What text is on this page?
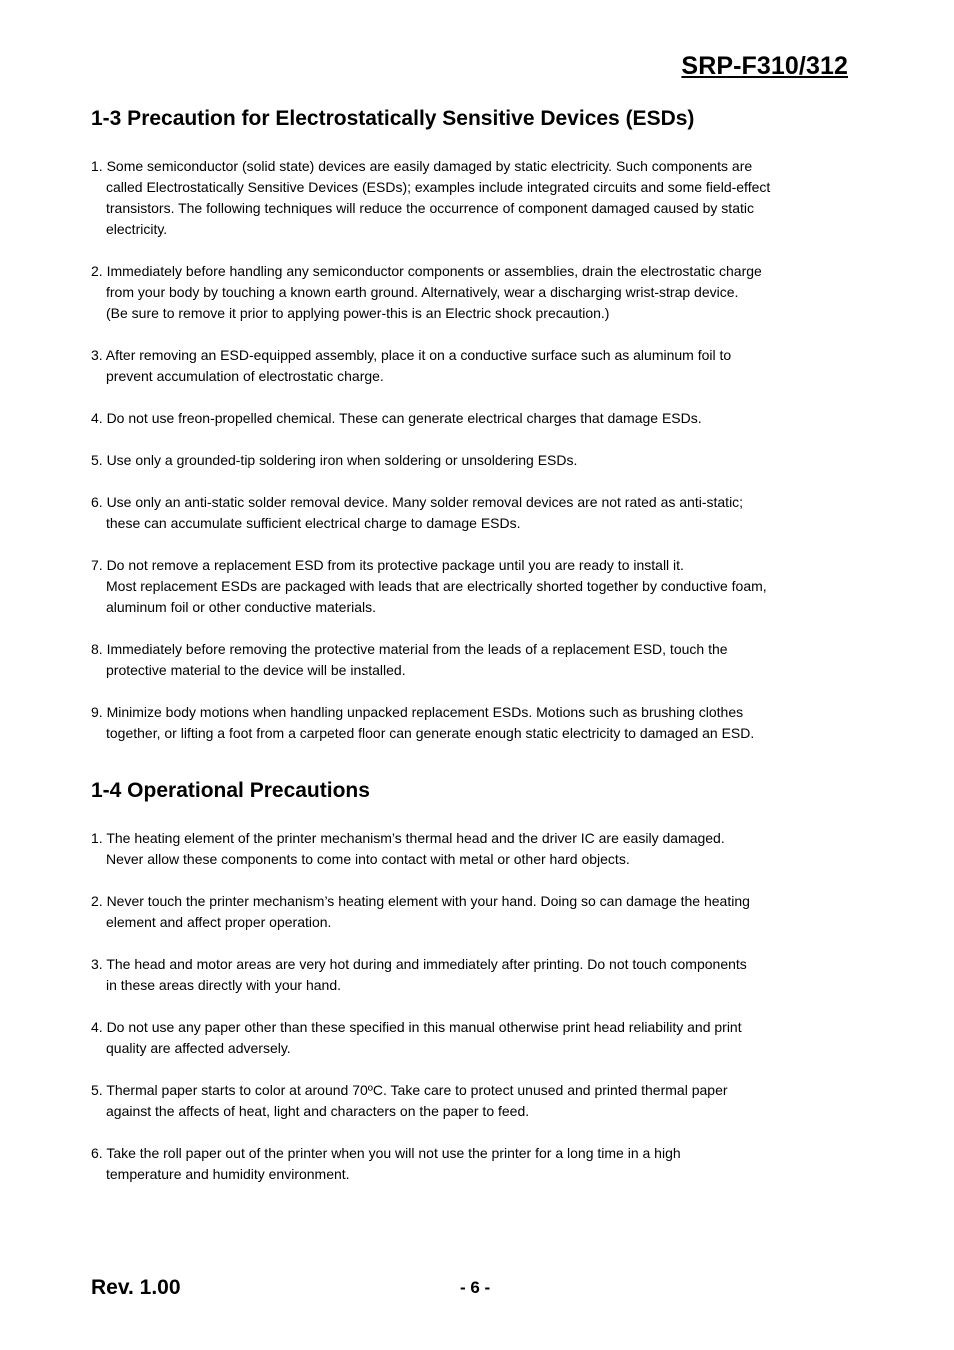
SRP-F310/312
1-3 Precaution for Electrostatically Sensitive Devices (ESDs)

1. Some semiconductor (solid state) devices are easily damaged by static electricity. Such components are
called Electrostatically Sensitive Devices (ESDs); examples include integrated circuits and some field-effect
transistors. The following techniques will reduce the occurrence of component damaged caused by static
electricity.

2. Immediately before handling any semiconductor components or assemblies, drain the electrostatic charge
from your body by touching a known earth ground. Alternatively, wear a discharging wrist-strap device.
(Be sure to remove it prior to applying power-this is an Electric shock precaution.)

3. After removing an ESD-equipped assembly, place it on a conductive surface such as aluminum foil to
prevent accumulation of electrostatic charge.

4. Do not use freon-propelled chemical. These can generate electrical charges that damage ESDs.

5. Use only a grounded-tip soldering iron when soldering or unsoldering ESDs.

6. Use only an anti-static solder removal device. Many solder removal devices are not rated as anti-static;
these can accumulate sufficient electrical charge to damage ESDs.

7. Do not remove a replacement ESD from its protective package until you are ready to install it.
Most replacement ESDs are packaged with leads that are electrically shorted together by conductive foam,
aluminum foil or other conductive materials.

8. Immediately before removing the protective material from the leads of a replacement ESD, touch the
protective material to the device will be installed.

9. Minimize body motions when handling unpacked replacement ESDs. Motions such as brushing clothes
together, or lifting a foot from a carpeted floor can generate enough static electricity to damaged an ESD.

1-4 Operational Precautions

1. The heating element of the printer mechanism’s thermal head and the driver IC are easily damaged.
Never allow these components to come into contact with metal or other hard objects.

2. Never touch the printer mechanism’s heating element with your hand. Doing so can damage the heating
element and affect proper operation.

3. The head and motor areas are very hot during and immediately after printing. Do not touch components
in these areas directly with your hand.

4. Do not use any paper other than these specified in this manual otherwise print head reliability and print
quality are affected adversely.

5. Thermal paper starts to color at around 70ºC. Take care to protect unused and printed thermal paper
against the affects of heat, light and characters on the paper to feed.

6. Take the roll paper out of the printer when you will not use the printer for a long time in a high
temperature and humidity environment.

Rev. 1.00	- 6 -
